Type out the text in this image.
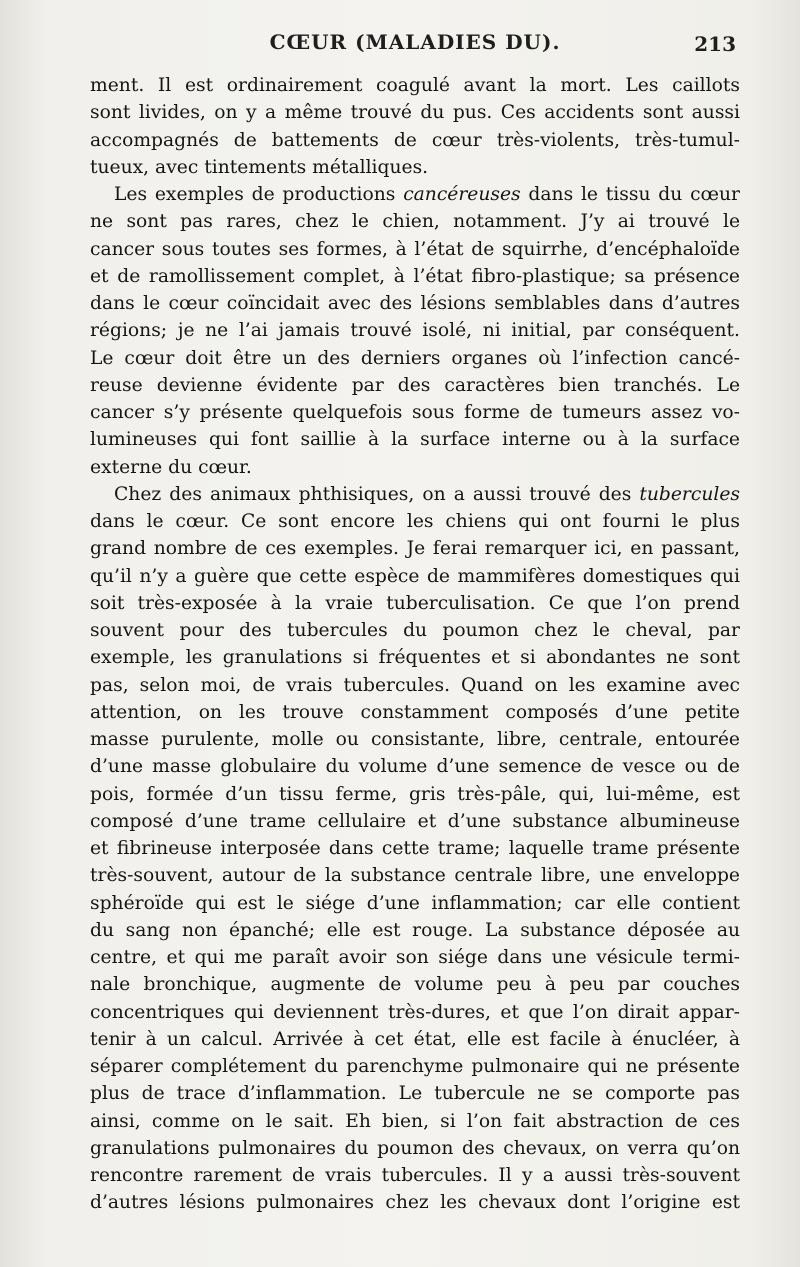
CŒUR (MALADIES DU).	213
ment. Il est ordinairement coagulé avant la mort. Les caillots
sont livides, on y a même trouvé du pus. Ces accidents sont aussi
accompagnés de battements de cœur très-violents, très-tumul-
tueux, avec tintements métalliques.
Les exemples de productions cancéreuses dans le tissu du cœur
ne sont pas rares, chez le chien, notamment. J’y ai trouvé le
cancer sous toutes ses formes, à l’état de squirrhe, d’encéphaloïde
et de ramollissement complet, à l’état fibro-plastique; sa présence
dans le cœur coïncidait avec des lésions semblables dans d’autres
régions; je ne l’ai jamais trouvé isolé, ni initial, par conséquent.
Le cœur doit être un des derniers organes où l’infection cancé-
reuse devienne évidente par des caractères bien tranchés. Le
cancer s’y présente quelquefois sous forme de tumeurs assez vo-
lumineuses qui font saillie à la surface interne ou à la surface
externe du cœur.
Chez des animaux phthisiques, on a aussi trouvé des tubercules
dans le cœur. Ce sont encore les chiens qui ont fourni le plus
grand nombre de ces exemples. Je ferai remarquer ici, en passant,
qu’il n’y a guère que cette espèce de mammifères domestiques qui
soit très-exposée à la vraie tuberculisation. Ce que l’on prend
souvent pour des tubercules du poumon chez le cheval, par
exemple, les granulations si fréquentes et si abondantes ne sont
pas, selon moi, de vrais tubercules. Quand on les examine avec
attention, on les trouve constamment composés d’une petite
masse purulente, molle ou consistante, libre, centrale, entourée
d’une masse globulaire du volume d’une semence de vesce ou de
pois, formée d’un tissu ferme, gris très-pâle, qui, lui-même, est
composé d’une trame cellulaire et d’une substance albumineuse
et fibrineuse interposée dans cette trame; laquelle trame présente
très-souvent, autour de la substance centrale libre, une enveloppe
sphéroïde qui est le siége d’une inflammation; car elle contient
du sang non épanché; elle est rouge. La substance déposée au
centre, et qui me paraît avoir son siége dans une vésicule termi-
nale bronchique, augmente de volume peu à peu par couches
concentriques qui deviennent très-dures, et que l’on dirait appar-
tenir à un calcul. Arrivée à cet état, elle est facile à énucléer, à
séparer complétement du parenchyme pulmonaire qui ne présente
plus de trace d’inflammation. Le tubercule ne se comporte pas
ainsi, comme on le sait. Eh bien, si l’on fait abstraction de ces
granulations pulmonaires du poumon des chevaux, on verra qu’on
rencontre rarement de vrais tubercules. Il y a aussi très-souvent
d’autres lésions pulmonaires chez les chevaux dont l’origine est
